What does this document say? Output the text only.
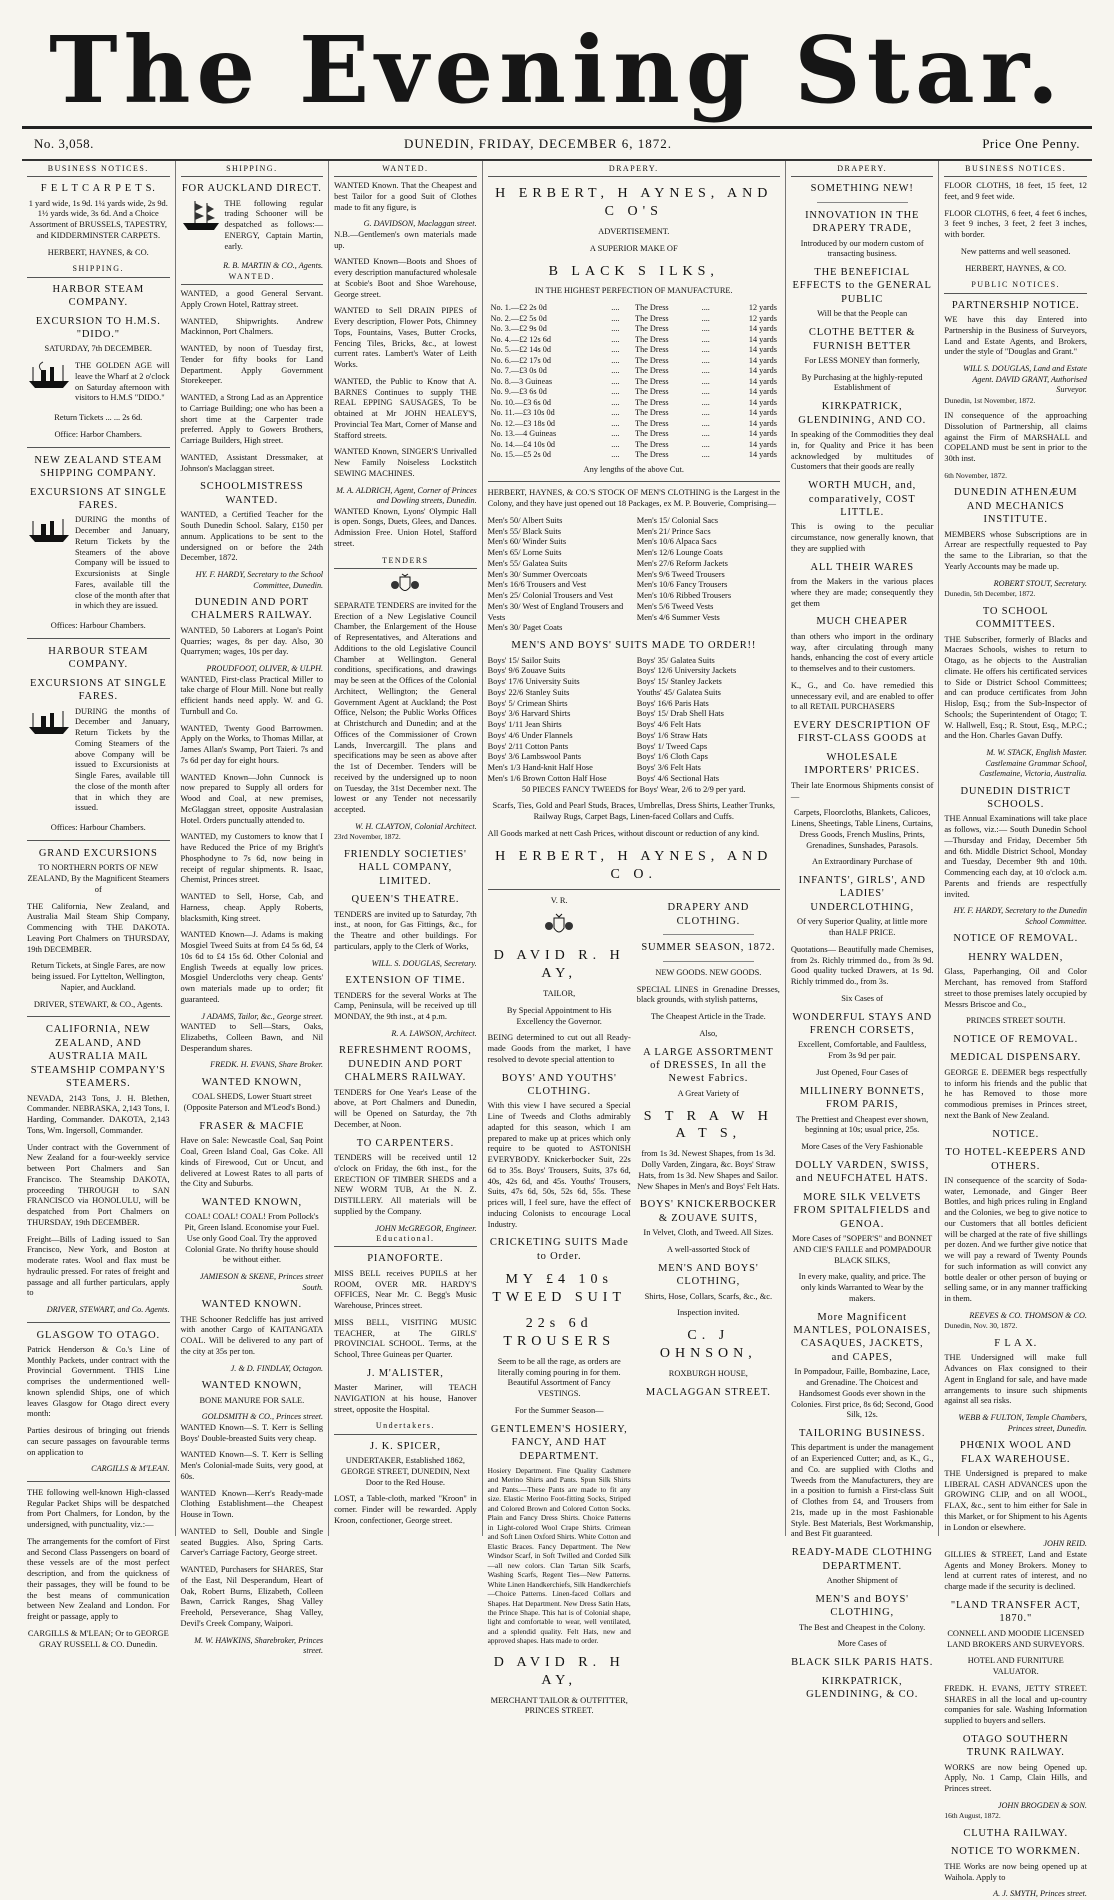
The Evening Star.
No. 3,058.	DUNEDIN, FRIDAY, DECEMBER 6, 1872.	Price One Penny.
BUSINESS NOTICES.
F E L T C A R P E T S.
1 yard wide, 1s 9d. 1¼ yards wide, 2s 9d. 1½ yards wide, 3s 6d. And a Choice Assortment of BRUSSELS, TAPESTRY, and KIDDERMINSTER CARPETS.
HERBERT, HAYNES, & CO.
SHIPPING.
HARBOR STEAM COMPANY.
EXCURSION TO H.M.S. "DIDO."
SATURDAY, 7th DECEMBER.
THE GOLDEN AGE will leave the Wharf at 2 o'clock on Saturday afternoon with visitors to H.M.S "DIDO."
Return Tickets ... ... 2s 6d.
Office: Harbor Chambers.
NEW ZEALAND STEAM SHIPPING COMPANY.
EXCURSIONS AT SINGLE FARES.
DURING the months of December and January, Return Tickets by the Steamers of the above Company will be issued to Excursionists at Single Fares, available till the close of the month after that in which they are issued.
Offices: Harbour Chambers.
HARBOUR STEAM COMPANY.
EXCURSIONS AT SINGLE FARES.
DURING the months of December and January, Return Tickets by the Coming Steamers of the above Company will be issued to Excursionists at Single Fares, available till the close of the month after that in which they are issued.
Offices: Harbour Chambers.
GRAND EXCURSIONS
TO NORTHERN PORTS OF NEW ZEALAND, By the Magnificent Steamers of
THE California, New Zealand, and Australia Mail Steam Ship Company, Commencing with THE DAKOTA. Leaving Port Chalmers on THURSDAY, 19th DECEMBER.
Return Tickets, at Single Fares, are now being issued. For Lyttelton, Wellington, Napier, and Auckland.
DRIVER, STEWART, & CO., Agents.
CALIFORNIA, NEW ZEALAND, AND AUSTRALIA MAIL STEAMSHIP COMPANY'S STEAMERS.
NEVADA, 2143 Tons, J. H. Blethen, Commander. NEBRASKA, 2,143 Tons, I. Harding, Commander. DAKOTA, 2,143 Tons, Wm. Ingersoll, Commander.
Under contract with the Government of New Zealand for a four-weekly service between Port Chalmers and San Francisco. The Steamship DAKOTA, proceeding THROUGH to SAN FRANCISCO via HONOLULU, will be despatched from Port Chalmers on THURSDAY, 19th DECEMBER.
Freight—Bills of Lading issued to San Francisco, New York, and Boston at moderate rates. Wool and flax must be hydraulic pressed. For rates of freight and passage and all further particulars, apply to
DRIVER, STEWART, and Co. Agents.
GLASGOW TO OTAGO.
Patrick Henderson & Co.'s Line of Monthly Packets, under contract with the Provincial Government. THIS Line comprises the undermentioned well-known splendid Ships, one of which leaves Glasgow for Otago direct every month:
Parties desirous of bringing out friends can secure passages on favourable terms on application to
CARGILLS & M'LEAN.
THE following well-known High-classed Regular Packet Ships will be despatched from Port Chalmers, for London, by the undersigned, with punctuality, viz.:—
The arrangements for the comfort of First and Second Class Passengers on board of these vessels are of the most perfect description, and from the quickness of their passages, they will be found to be the best means of communication between New Zealand and London. For freight or passage, apply to
CARGILLS & M'LEAN; Or to GEORGE GRAY RUSSELL & CO. Dunedin.
SHIPPING.
FOR AUCKLAND DIRECT.
THE following regular trading Schooner will be despatched as follows:— ENERGY, Captain Martin, early.
R. B. MARTIN & CO., Agents.
WANTED.
WANTED, a good General Servant. Apply Crown Hotel, Rattray street.
WANTED, Shipwrights. Andrew Mackinnon, Port Chalmers.
WANTED, by noon of Tuesday first, Tender for fifty books for Land Department. Apply Government Storekeeper.
WANTED, a Strong Lad as an Apprentice to Carriage Building; one who has been a short time at the Carpenter trade preferred. Apply to Gowers Brothers, Carriage Builders, High street.
WANTED, Assistant Dressmaker, at Johnson's Maclaggan street.
SCHOOLMISTRESS WANTED.
WANTED, a Certified Teacher for the South Dunedin School. Salary, £150 per annum. Applications to be sent to the undersigned on or before the 24th December, 1872.
HY. F. HARDY, Secretary to the School Committee, Dunedin.
DUNEDIN AND PORT CHALMERS RAILWAY.
WANTED, 50 Laborers at Logan's Point Quarries; wages, 8s per day. Also, 30 Quarrymen; wages, 10s per day.
PROUDFOOT, OLIVER, & ULPH.
WANTED, First-class Practical Miller to take charge of Flour Mill. None but really efficient hands need apply. W. and G. Turnbull and Co.
WANTED, Twenty Good Barrowmen. Apply on the Works, to Thomas Millar, at James Allan's Swamp, Port Taieri. 7s and 7s 6d per day for eight hours.
WANTED Known—John Cunnock is now prepared to Supply all orders for Wood and Coal, at new premises, McGlaggan street, opposite Australasian Hotel. Orders punctually attended to.
WANTED, my Customers to know that I have Reduced the Price of my Bright's Phosphodyne to 7s 6d, now being in receipt of regular shipments. R. Isaac, Chemist, Princes street.
WANTED to Sell, Horse, Cab, and Harness, cheap. Apply Roberts, blacksmith, King street.
WANTED Known—J. Adams is making Mosgiel Tweed Suits at from £4 5s 6d, £4 10s 6d to £4 15s 6d. Other Colonial and English Tweeds at equally low prices. Mosgiel Undercloths very cheap. Gents' own materials made up to order; fit guaranteed.
J ADAMS, Tailor, &c., George street.
WANTED to Sell—Stars, Oaks, Elizabeths, Colleen Bawn, and Nil Desperandum shares.
FREDK. H. EVANS, Share Broker.
WANTED KNOWN,
COAL SHEDS, Lower Stuart street (Opposite Paterson and M'Leod's Bond.)
FRASER & MACFIE
Have on Sale: Newcastle Coal, Saq Point Coal, Green Island Coal, Gas Coke. All kinds of Firewood, Cut or Uncut, and delivered at Lowest Rates to all parts of the City and Suburbs.
WANTED KNOWN,
COAL! COAL! COAL! From Pollock's Pit, Green Island. Economise your Fuel. Use only Good Coal. Try the approved Colonial Grate. No thrifty house should be without either.
JAMIESON & SKENE, Princes street South.
WANTED KNOWN.
THE Schooner Redcliffe has just arrived with another Cargo of KAITANGATA COAL. Will be delivered to any part of the city at 35s per ton.
J. & D. FINDLAY, Octagon.
WANTED KNOWN,
BONE MANURE FOR SALE.
GOLDSMITH & CO., Princes street.
WANTED Known—S. T. Kerr is Selling Boys' Double-breasted Suits very cheap.
WANTED Known—S. T. Kerr is Selling Men's Colonial-made Suits, very good, at 60s.
WANTED Known—Kerr's Ready-made Clothing Establishment—the Cheapest House in Town.
WANTED to Sell, Double and Single seated Buggies. Also, Spring Carts. Carver's Carriage Factory, George street.
WANTED, Purchasers for SHARES, Star of the East, Nil Desperandum, Heart of Oak, Robert Burns, Elizabeth, Colleen Bawn, Carrick Ranges, Shag Valley Freehold, Perseverance, Shag Valley, Devil's Creek Company, Waipori.
M. W. HAWKINS, Sharebroker, Princes street.
WANTED.
WANTED Known. That the Cheapest and best Tailor for a good Suit of Clothes made to fit any figure, is
G. DAVIDSON, Maclaggan street.
N.B.—Gentlemen's own materials made up.
WANTED Known—Boots and Shoes of every description manufactured wholesale at Scobie's Boot and Shoe Warehouse, George street.
WANTED to Sell DRAIN PIPES of Every description, Flower Pots, Chimney Tops, Fountains, Vases, Butter Crocks, Fencing Tiles, Bricks, &c., at lowest current rates. Lambert's Water of Leith Works.
WANTED, the Public to Know that A. BARNES Continues to supply THE REAL EPPING SAUSAGES, To be obtained at Mr JOHN HEALEY'S, Provincial Tea Mart, Corner of Manse and Stafford streets.
WANTED Known, SINGER'S Unrivalled New Family Noiseless Lockstitch SEWING MACHINES.
M. A. ALDRICH, Agent, Corner of Princes and Dowling streets, Dunedin.
WANTED Known, Lyons' Olympic Hall is open. Songs, Duets, Glees, and Dances. Admission Free. Union Hotel, Stafford street.
TENDERS
SEPARATE TENDERS are invited for the Erection of a New Legislative Council Chamber, the Enlargement of the House of Representatives, and Alterations and Additions to the old Legislative Council Chamber at Wellington. General conditions, specifications, and drawings may be seen at the Offices of the Colonial Architect, Wellington; the General Government Agent at Auckland; the Post Office, Nelson; the Public Works Offices at Christchurch and Dunedin; and at the Offices of the Commissioner of Crown Lands, Invercargill. The plans and specifications may be seen as above after the 1st of December. Tenders will be received by the undersigned up to noon on Tuesday, the 31st December next. The lowest or any Tender not necessarily accepted.
W. H. CLAYTON, Colonial Architect.
23rd November, 1872.
FRIENDLY SOCIETIES' HALL COMPANY, LIMITED.
QUEEN'S THEATRE.
TENDERS are invited up to Saturday, 7th inst., at noon, for Gas Fittings, &c., for the Theatre and other buildings. For particulars, apply to the Clerk of Works,
WILL. S. DOUGLAS, Secretary.
EXTENSION OF TIME.
TENDERS for the several Works at The Camp, Peninsula, will be received up till MONDAY, the 9th inst., at 4 p.m.
R. A. LAWSON, Architect.
REFRESHMENT ROOMS, DUNEDIN AND PORT CHALMERS RAILWAY.
TENDERS for One Year's Lease of the above, at Port Chalmers and Dunedin, will be Opened on Saturday, the 7th December, at Noon.
TO CARPENTERS.
TENDERS will be received until 12 o'clock on Friday, the 6th inst., for the ERECTION OF TIMBER SHEDS and a NEW WORM TUB, At the N. Z. DISTILLERY. All materials will be supplied by the Company.
JOHN McGREGOR, Engineer.
Educational.
PIANOFORTE.
MISS BELL receives PUPILS at her ROOM, OVER MR. HARDY'S OFFICES, Near Mr. C. Begg's Music Warehouse, Princes street.
MISS BELL, VISITING MUSIC TEACHER, at The GIRLS' PROVINCIAL SCHOOL. Terms, at the School, Three Guineas per Quarter.
J. M'ALISTER,
Master Mariner, will TEACH NAVIGATION at his house, Hanover street, opposite the Hospital.
Undertakers.
J. K. SPICER,
UNDERTAKER, Established 1862, GEORGE STREET, DUNEDIN, Next Door to the Red House.
LOST, a Table-cloth, marked "Kroon" in corner. Finder will be rewarded. Apply Kroon, confectioner, George street.
DRAPERY.
H ERBERT, H AYNES, AND C O'S
ADVERTISEMENT.
A SUPERIOR MAKE OF
B LACK S ILKS,
IN THE HIGHEST PERFECTION OF MANUFACTURE.
No. 1.—£2 2s 0d	....	The Dress	....	12 yards
No. 2.—£2 5s 0d	....	The Dress	....	12 yards
No. 3.—£2 9s 0d	....	The Dress	....	14 yards
No. 4.—£2 12s 6d	....	The Dress	....	14 yards
No. 5.—£2 14s 0d	....	The Dress	....	14 yards
No. 6.—£2 17s 0d	....	The Dress	....	14 yards
No. 7.—£3 0s 0d	....	The Dress	....	14 yards
No. 8.—3 Guineas	....	The Dress	....	14 yards
No. 9.—£3 6s 0d	....	The Dress	....	14 yards
No. 10.—£3 6s 0d	....	The Dress	....	14 yards
No. 11.—£3 10s 0d	....	The Dress	....	14 yards
No. 12.—£3 18s 0d	....	The Dress	....	14 yards
No. 13.—4 Guineas	....	The Dress	....	14 yards
No. 14.—£4 10s 0d	....	The Dress	....	14 yards
No. 15.—£5 2s 0d	....	The Dress	....	14 yards
Any lengths of the above Cut.
HERBERT, HAYNES, & CO.'S STOCK OF MEN'S CLOTHING is the Largest in the Colony, and they have just opened out 18 Packages, ex M. P. Bouverie, Comprising—
Men's 50/ Albert Suits
Men's 55/ Black Suits
Men's 60/ Winder Suits
Men's 65/ Lorne Suits
Men's 55/ Galatea Suits
Men's 30/ Summer Overcoats
Men's 16/6 Trousers and Vest
Men's 25/ Colonial Trousers and Vest
Men's 30/ West of England Trousers and Vests
Men's 30/ Paget Coats
Men's 15/ Colonial Sacs
Men's 21/ Prince Sacs
Men's 10/6 Alpaca Sacs
Men's 12/6 Lounge Coats
Men's 27/6 Reform Jackets
Men's 9/6 Tweed Trousers
Men's 10/6 Fancy Trousers
Men's 10/6 Ribbed Trousers
Men's 5/6 Tweed Vests
Men's 4/6 Summer Vests
MEN'S AND BOYS' SUITS MADE TO ORDER!!
Boys' 15/ Sailor Suits
Boys' 9/6 Zouave Suits
Boys' 17/6 University Suits
Boys' 22/6 Stanley Suits
Boys' 5/ Crimean Shirts
Boys' 3/6 Harvard Shirts
Boys' 1/11 Jean Shirts
Boys' 4/6 Under Flannels
Boys' 2/11 Cotton Pants
Boys' 3/6 Lambswool Pants
Men's 1/3 Hand-knit Half Hose
Men's 1/6 Brown Cotton Half Hose
Boys' 35/ Galatea Suits
Boys' 12/6 University Jackets
Boys' 15/ Stanley Jackets
Youths' 45/ Galatea Suits
Boys' 16/6 Paris Hats
Boys' 15/ Drab Shell Hats
Boys' 4/6 Felt Hats
Boys' 1/6 Straw Hats
Boys' 1/ Tweed Caps
Boys' 1/6 Cloth Caps
Boys' 3/6 Felt Hats
Boys' 4/6 Sectional Hats
50 PIECES FANCY TWEEDS for Boys' Wear, 2/6 to 2/9 per yard.
Scarfs, Ties, Gold and Pearl Studs, Braces, Umbrellas, Dress Shirts, Leather Trunks, Railway Rugs, Carpet Bags, Linen-faced Collars and Cuffs.
All Goods marked at nett Cash Prices, without discount or reduction of any kind.
H ERBERT, H AYNES, AND C O.
V. R.
D AVID R. H AY,
TAILOR,
By Special Appointment to His Excellency the Governor.
BEING determined to cut out all Ready-made Goods from the market, I have resolved to devote special attention to
BOYS' AND YOUTHS' CLOTHING.
With this view I have secured a Special Line of Tweeds and Cloths admirably adapted for this season, which I am prepared to make up at prices which only require to be quoted to ASTONISH EVERYBODY. Knickerbocker Suit, 22s 6d to 35s. Boys' Trousers, Suits, 37s 6d, 40s, 42s 6d, and 45s. Youths' Trousers, Suits, 47s 6d, 50s, 52s 6d, 55s. These prices will, I feel sure, have the effect of inducing Colonists to encourage Local Industry.
CRICKETING SUITS Made to Order.
MY £4 10s TWEED SUIT
22s 6d TROUSERS
Seem to be all the rage, as orders are literally coming pouring in for them. Beautiful Assortment of Fancy VESTINGS.
For the Summer Season—
GENTLEMEN'S HOSIERY, FANCY, AND HAT DEPARTMENT.
Hosiery Department. Fine Quality Cashmere and Merino Shirts and Pants. Spun Silk Shirts and Pants.—These Pants are made to fit any size. Elastic Merino Foot-fitting Socks, Striped and Colored Brown and Colored Cotton Socks. Plain and Fancy Dress Shirts. Choice Patterns in Light-colored Wool Crape Shirts. Crimean and Soft Linen Oxford Shirts. White Cotton and Elastic Braces. Fancy Department. The New Windsor Scarf, in Soft Twilled and Corded Silk—all new colors. Clan Tartan Silk Scarfs, Washing Scarfs, Regent Ties—New Patterns. White Linen Handkerchiefs, Silk Handkerchiefs—Choice Patterns. Linen-faced Collars and Shapes. Hat Department. New Dress Satin Hats, the Prince Shape. This hat is of Colonial shape, light and comfortable to wear, well ventilated, and a splendid quality. Felt Hats, new and approved shapes. Hats made to order.
D AVID R. H AY,
MERCHANT TAILOR & OUTFITTER, PRINCES STREET.
DRAPERY AND CLOTHING.
SUMMER SEASON, 1872.
NEW GOODS. NEW GOODS.
SPECIAL LINES in Grenadine Dresses, black grounds, with stylish patterns,
The Cheapest Article in the Trade.
Also,
A LARGE ASSORTMENT of DRESSES, In all the Newest Fabrics.
A Great Variety of
S T R A W H A T S,
from 1s 3d. Newest Shapes, from 1s 3d. Dolly Varden, Zingara, &c. Boys' Straw Hats, from 1s 3d. New Shapes and Sailor. New Shapes in Men's and Boys' Felt Hats.
BOYS' KNICKERBOCKER & ZOUAVE SUITS,
In Velvet, Cloth, and Tweed. All Sizes.
A well-assorted Stock of
MEN'S AND BOYS' CLOTHING,
Shirts, Hose, Collars, Scarfs, &c., &c.
Inspection invited.
C. J OHNSON,
ROXBURGH HOUSE,
MACLAGGAN STREET.
DRAPERY.
SOMETHING NEW!
INNOVATION IN THE DRAPERY TRADE,
Introduced by our modern custom of transacting business.
THE BENEFICIAL EFFECTS to the GENERAL PUBLIC
Will be that the People can
CLOTHE BETTER & FURNISH BETTER
For LESS MONEY than formerly,
By Purchasing at the highly-reputed Establishment of
KIRKPATRICK, GLENDINING, AND CO.
In speaking of the Commodities they deal in, for Quality and Price it has been acknowledged by multitudes of Customers that their goods are really
WORTH MUCH, and, comparatively, COST LITTLE.
This is owing to the peculiar circumstance, now generally known, that they are supplied with
ALL THEIR WARES
from the Makers in the various places where they are made; consequently they get them
MUCH CHEAPER
than others who import in the ordinary way, after circulating through many hands, enhancing the cost of every article to themselves and to their customers.
K., G., and Co. have remedied this unnecessary evil, and are enabled to offer to all RETAIL PURCHASERS
EVERY DESCRIPTION OF FIRST-CLASS GOODS at
WHOLESALE IMPORTERS' PRICES.
Their late Enormous Shipments consist of—
Carpets, Floorcloths, Blankets, Calicoes, Linens, Sheetings, Table Linens, Curtains, Dress Goods, French Muslins, Prints, Grenadines, Sunshades, Parasols.
An Extraordinary Purchase of
INFANTS', GIRLS', AND LADIES' UNDERCLOTHING,
Of very Superior Quality, at little more than HALF PRICE.
Quotations— Beautifully made Chemises, from 2s. Richly trimmed do., from 3s 9d. Good quality tucked Drawers, at 1s 9d. Richly trimmed do., from 3s.
Six Cases of
WONDERFUL STAYS AND FRENCH CORSETS,
Excellent, Comfortable, and Faultless, From 3s 9d per pair.
Just Opened, Four Cases of
MILLINERY BONNETS, FROM PARIS,
The Prettiest and Cheapest ever shown, beginning at 10s; usual price, 25s.
More Cases of the Very Fashionable
DOLLY VARDEN, SWISS, and NEUFCHATEL HATS.
MORE SILK VELVETS FROM SPITALFIELDS and GENOA.
More Cases of "SOPER'S" and BONNET AND CIE'S FAILLE and POMPADOUR BLACK SILKS,
In every make, quality, and price. The only kinds Warranted to Wear by the makers.
More Magnificent MANTLES, POLONAISES, CASAQUES, JACKETS, and CAPES,
In Pompadour, Faille, Bombazine, Lace, and Grenadine. The Choicest and Handsomest Goods ever shown in the Colonies. First price, 8s 6d; Second, Good Silk, 12s.
TAILORING BUSINESS.
This department is under the management of an Experienced Cutter; and, as K., G., and Co. are supplied with Cloths and Tweeds from the Manufacturers, they are in a position to furnish a First-class Suit of Clothes from £4, and Trousers from 21s, made up in the most Fashionable Style. Best Materials, Best Workmanship, and Best Fit guaranteed.
READY-MADE CLOTHING DEPARTMENT.
Another Shipment of
MEN'S and BOYS' CLOTHING,
The Best and Cheapest in the Colony.
More Cases of
BLACK SILK PARIS HATS.
KIRKPATRICK, GLENDINING, & CO.
BUSINESS NOTICES.
FLOOR CLOTHS, 18 feet, 15 feet, 12 feet, and 9 feet wide.
FLOOR CLOTHS, 6 feet, 4 feet 6 inches, 3 feet 9 inches, 3 feet, 2 feet 3 inches, with border.
New patterns and well seasoned.
HERBERT, HAYNES, & CO.
PUBLIC NOTICES.
PARTNERSHIP NOTICE.
WE have this day Entered into Partnership in the Business of Surveyors, Land and Estate Agents, and Brokers, under the style of "Douglas and Grant."
WILL S. DOUGLAS, Land and Estate Agent. DAVID GRANT, Authorised Surveyor.
Dunedin, 1st November, 1872.
IN consequence of the approaching Dissolution of Partnership, all claims against the Firm of MARSHALL and COPELAND must be sent in prior to the 30th inst.
6th November, 1872.
DUNEDIN ATHENÆUM AND MECHANICS INSTITUTE.
MEMBERS whose Subscriptions are in Arrear are respectfully requested to Pay the same to the Librarian, so that the Yearly Accounts may be made up.
ROBERT STOUT, Secretary.
Dunedin, 5th December, 1872.
TO SCHOOL COMMITTEES.
THE Subscriber, formerly of Blacks and Macraes Schools, wishes to return to Otago, as he objects to the Australian climate. He offers his certificated services to Side or District School Committees; and can produce certificates from John Hislop, Esq.; from the Sub-Inspector of Schools; the Superintendent of Otago; T. W. Hallwell, Esq.; R. Stout, Esq., M.P.C.; and the Hon. Charles Gavan Duffy.
M. W. STACK, English Master. Castlemaine Grammar School, Castlemaine, Victoria, Australia.
DUNEDIN DISTRICT SCHOOLS.
THE Annual Examinations will take place as follows, viz.:— South Dunedin School—Thursday and Friday, December 5th and 6th. Middle District School, Monday and Tuesday, December 9th and 10th. Commencing each day, at 10 o'clock a.m. Parents and friends are respectfully invited.
HY. F. HARDY, Secretary to the Dunedin School Committee.
NOTICE OF REMOVAL.
HENRY WALDEN,
Glass, Paperhanging, Oil and Color Merchant, has removed from Stafford street to those premises lately occupied by Messrs Briscoe and Co.,
PRINCES STREET SOUTH.
NOTICE OF REMOVAL.
MEDICAL DISPENSARY.
GEORGE E. DEEMER begs respectfully to inform his friends and the public that he has Removed to those more commodious premises in Princes street, next the Bank of New Zealand.
NOTICE.
TO HOTEL-KEEPERS AND OTHERS.
IN consequence of the scarcity of Soda-water, Lemonade, and Ginger Beer Bottles, and high prices ruling in England and the Colonies, we beg to give notice to our Customers that all bottles deficient will be charged at the rate of five shillings per dozen. And we further give notice that we will pay a reward of Twenty Pounds for such information as will convict any bottle dealer or other person of buying or selling same, or in any manner trafficking in them.
REEVES & CO. THOMSON & CO.
Dunedin, Nov. 30, 1872.
F L A X.
THE Undersigned will make full Advances on Flax consigned to their Agent in England for sale, and have made arrangements to insure such shipments against all sea risks.
WEBB & FULTON, Temple Chambers, Princes street, Dunedin.
PHŒNIX WOOL AND FLAX WAREHOUSE.
THE Undersigned is prepared to make LIBERAL CASH ADVANCES upon the GROWING CLIP, and on all WOOL, FLAX, &c., sent to him either for Sale in this Market, or for Shipment to his Agents in London or elsewhere.
JOHN REID.
GILLIES & STREET, Land and Estate Agents and Money Brokers. Money to lend at current rates of interest, and no charge made if the security is declined.
"LAND TRANSFER ACT, 1870."
CONNELL AND MOODIE LICENSED LAND BROKERS AND SURVEYORS.
HOTEL AND FURNITURE VALUATOR.
FREDK. H. EVANS, JETTY STREET. SHARES in all the local and up-country companies for sale. Washing Information supplied to buyers and sellers.
OTAGO SOUTHERN TRUNK RAILWAY.
WORKS are now being Opened up. Apply, No. 1 Camp, Clain Hills, and Princes street.
JOHN BROGDEN & SON.
16th August, 1872.
CLUTHA RAILWAY.
NOTICE TO WORKMEN.
THE Works are now being opened up at Waihola. Apply to
A. J. SMYTH, Princes street.
